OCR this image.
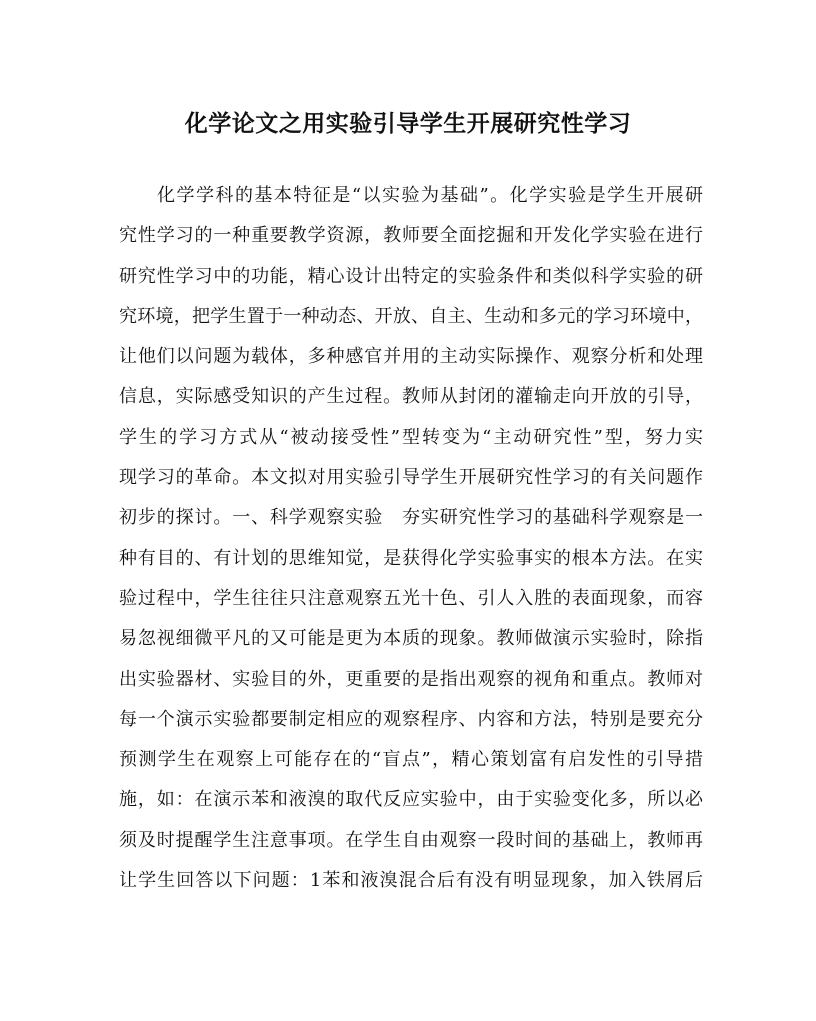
化学论文之用实验引导学生开展研究性学习
化学学科的基本特征是“以实验为基础”。化学实验是学生开展研
究性学习的一种重要教学资源，教师要全面挖掘和开发化学实验在进行
研究性学习中的功能，精心设计出特定的实验条件和类似科学实验的研
究环境，把学生置于一种动态、开放、自主、生动和多元的学习环境中，
让他们以问题为载体，多种感官并用的主动实际操作、观察分析和处理
信息，实际感受知识的产生过程。教师从封闭的灌输走向开放的引导，
学生的学习方式从“被动接受性”型转变为“主动研究性”型，努力实
现学习的革命。本文拟对用实验引导学生开展研究性学习的有关问题作
初步的探讨。一、科学观察实验　夯实研究性学习的基础科学观察是一
种有目的、有计划的思维知觉，是获得化学实验事实的根本方法。在实
验过程中，学生往往只注意观察五光十色、引人入胜的表面现象，而容
易忽视细微平凡的又可能是更为本质的现象。教师做演示实验时，除指
出实验器材、实验目的外，更重要的是指出观察的视角和重点。教师对
每一个演示实验都要制定相应的观察程序、内容和方法，特别是要充分
预测学生在观察上可能存在的“盲点”，精心策划富有启发性的引导措
施，如：在演示苯和液溴的取代反应实验中，由于实验变化多，所以必
须及时提醒学生注意事项。在学生自由观察一段时间的基础上，教师再
让学生回答以下问题：1苯和液溴混合后有没有明显现象，加入铁屑后
